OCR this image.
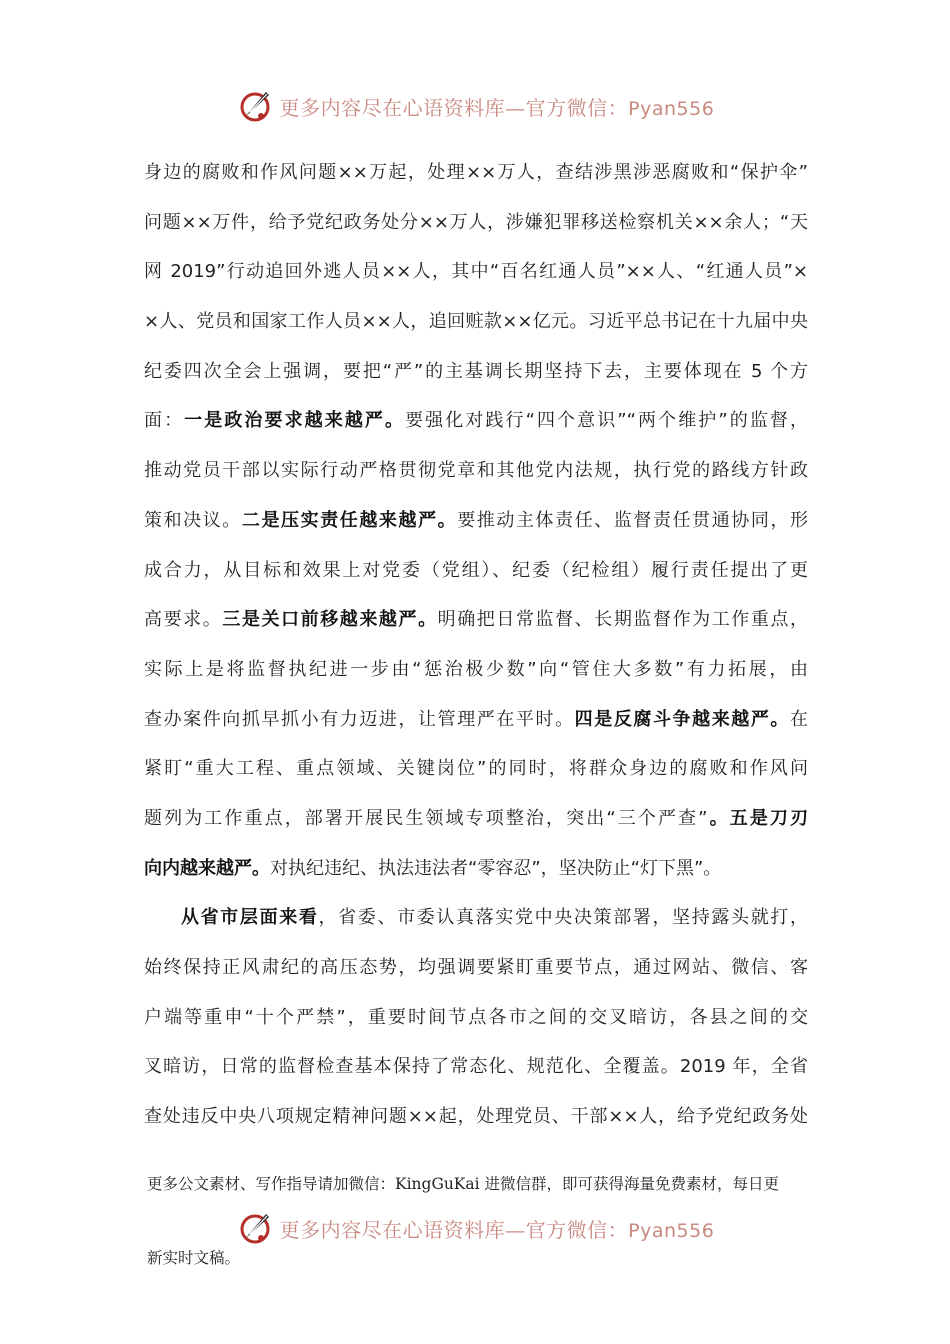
更多内容尽在心语资料库—官方微信：Pyan556
身边的腐败和作风问题××万起，处理××万人，查结涉黑涉恶腐败和“保护伞”
问题××万件，给予党纪政务处分××万人，涉嫌犯罪移送检察机关××余人；“天
网 2019”行动追回外逃人员××人，其中“百名红通人员”××人、“红通人员”×
×人、党员和国家工作人员××人，追回赃款××亿元。习近平总书记在十九届中央
纪委四次全会上强调，要把“严”的主基调长期坚持下去，主要体现在 5 个方
面：一是政治要求越来越严。要强化对践行“四个意识”“两个维护”的监督，
推动党员干部以实际行动严格贯彻党章和其他党内法规，执行党的路线方针政
策和决议。二是压实责任越来越严。要推动主体责任、监督责任贯通协同，形
成合力，从目标和效果上对党委（党组）、纪委（纪检组）履行责任提出了更
高要求。三是关口前移越来越严。明确把日常监督、长期监督作为工作重点，
实际上是将监督执纪进一步由“惩治极少数”向“管住大多数”有力拓展，由
查办案件向抓早抓小有力迈进，让管理严在平时。四是反腐斗争越来越严。在
紧盯“重大工程、重点领域、关键岗位”的同时，将群众身边的腐败和作风问
题列为工作重点，部署开展民生领域专项整治，突出“三个严查”。五是刀刃
向内越来越严。对执纪违纪、执法违法者“零容忍”，坚决防止“灯下黑”。
从省市层面来看，省委、市委认真落实党中央决策部署，坚持露头就打，
始终保持正风肃纪的高压态势，均强调要紧盯重要节点，通过网站、微信、客
户端等重申“十个严禁”，重要时间节点各市之间的交叉暗访，各县之间的交
叉暗访，日常的监督检查基本保持了常态化、规范化、全覆盖。2019 年，全省
查处违反中央八项规定精神问题××起，处理党员、干部××人，给予党纪政务处
更多公文素材、写作指导请加微信：KingGuKai 进微信群，即可获得海量免费素材，每日更
更多内容尽在心语资料库—官方微信：Pyan556
新实时文稿。
